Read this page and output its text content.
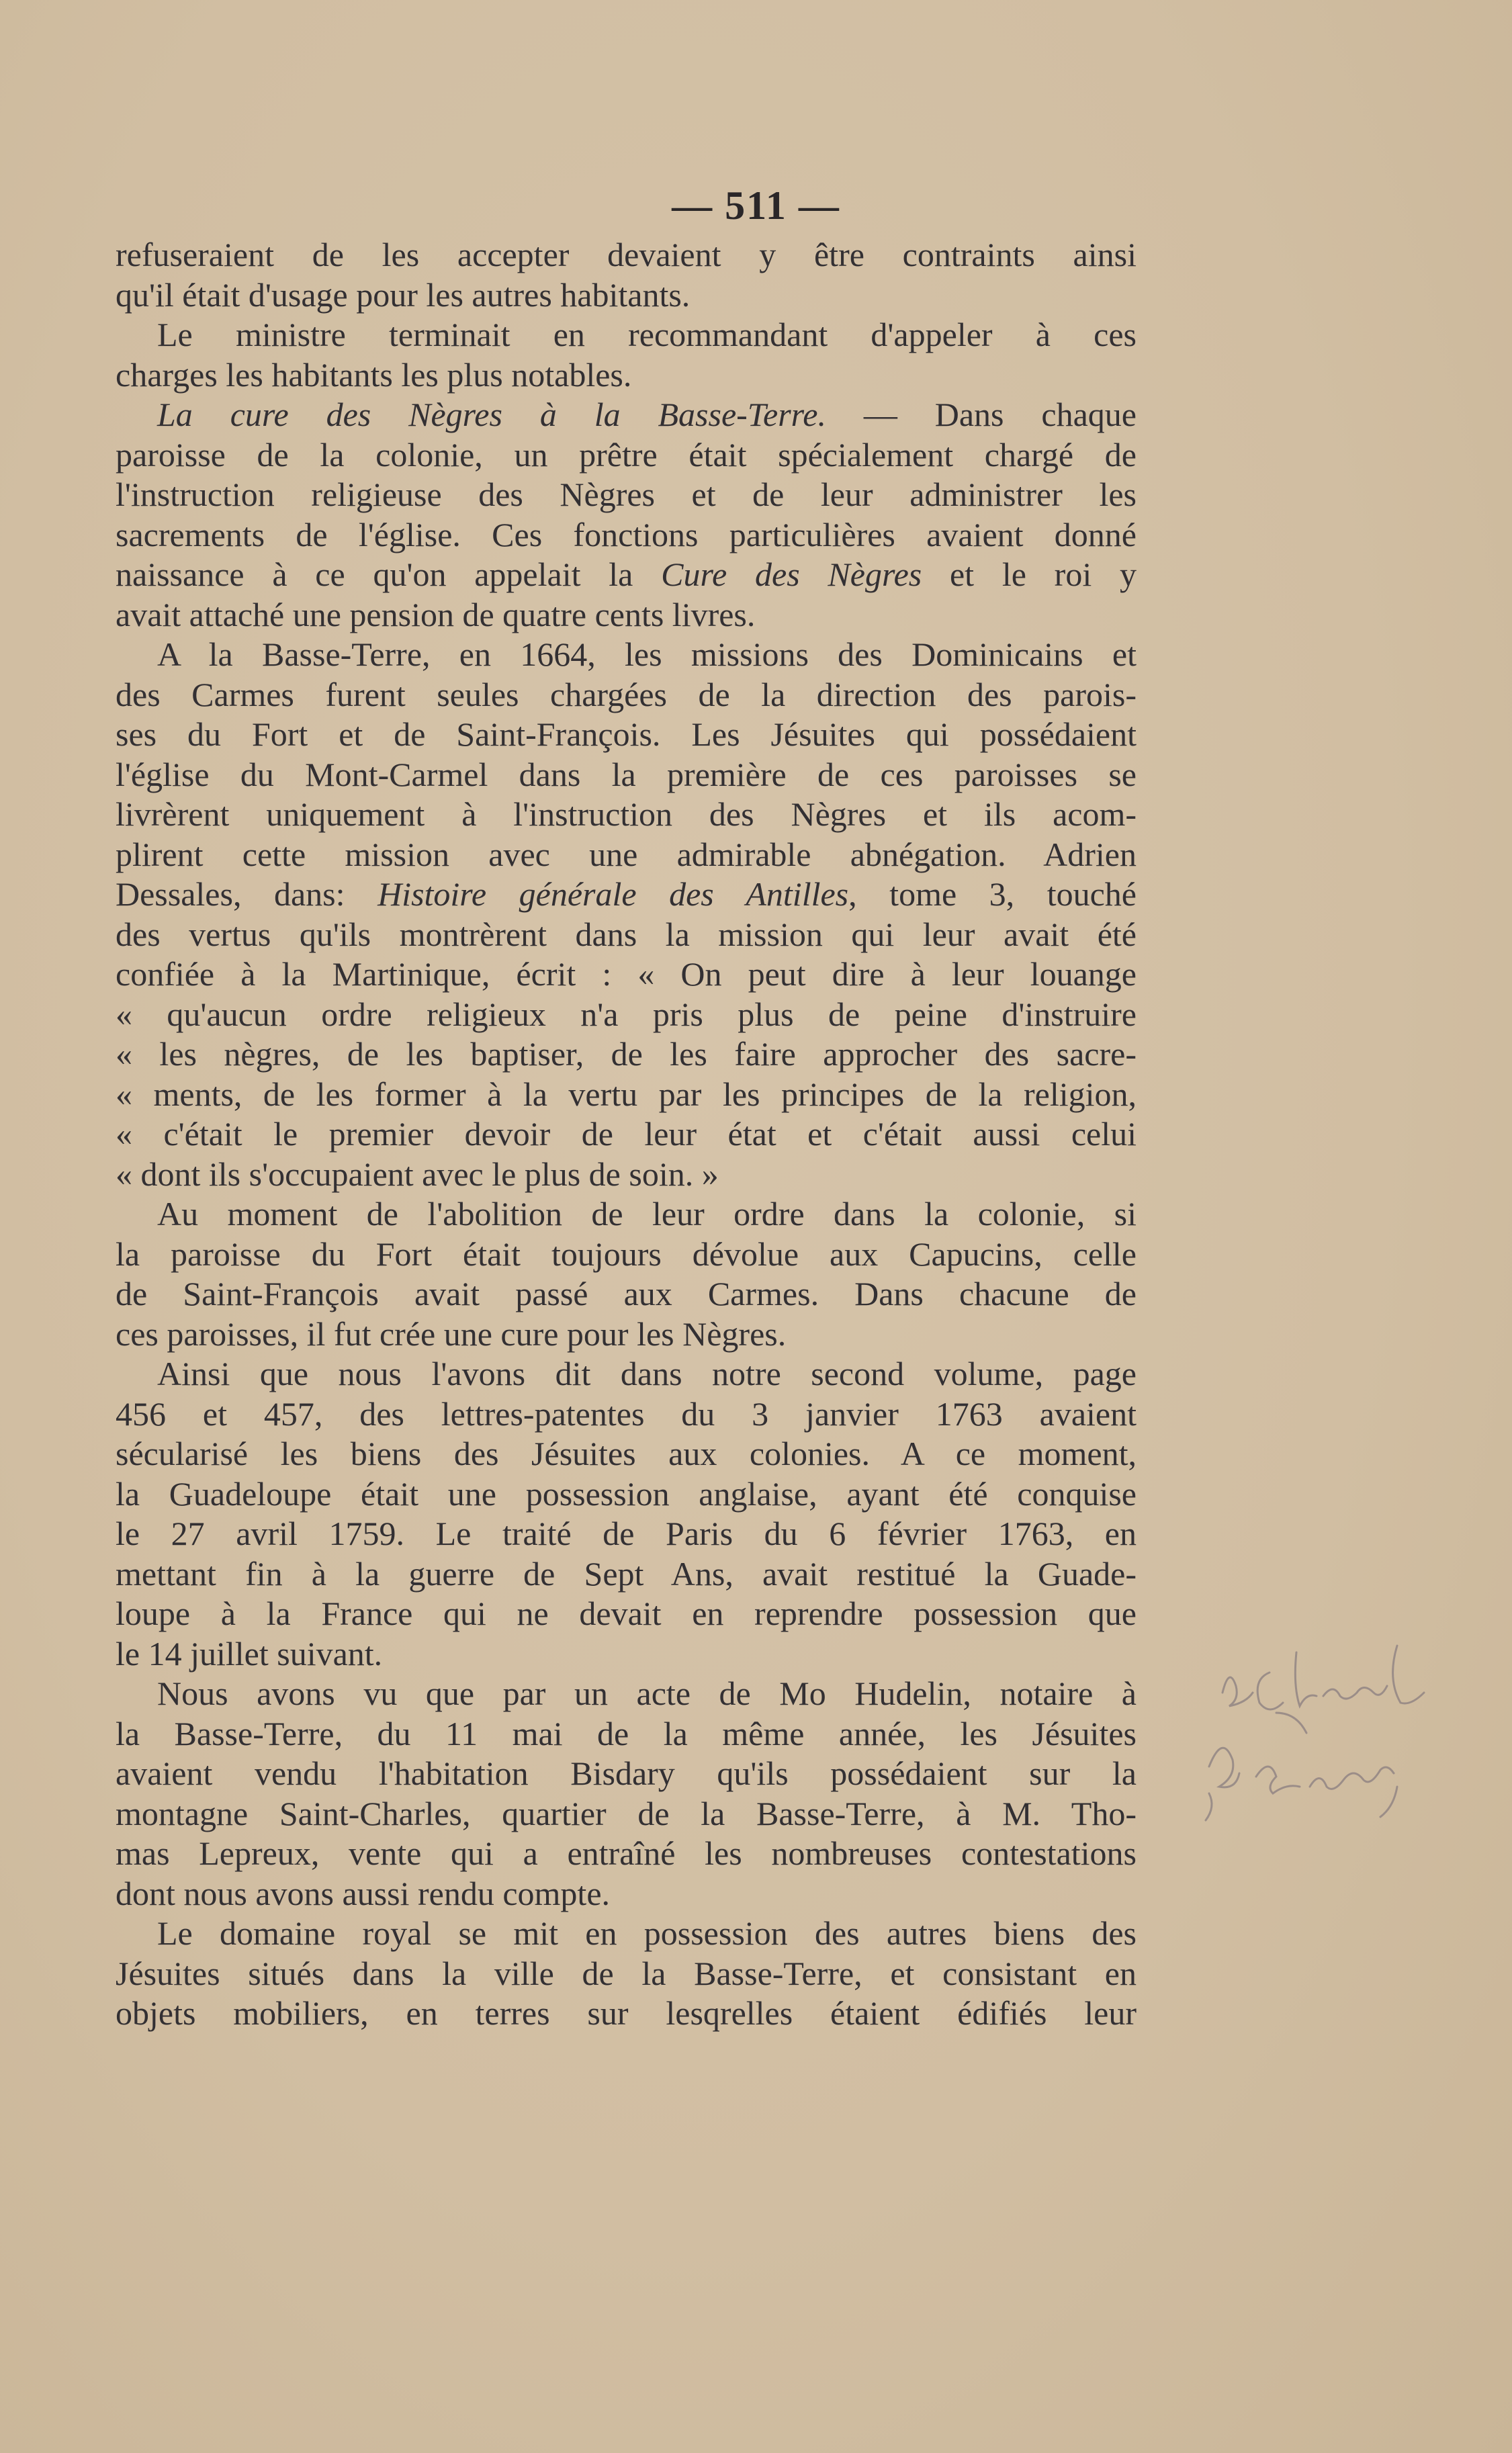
— 511 —
refuseraient de les accepter devaient y être contraints ainsi
qu'il était d'usage pour les autres habitants.
Le ministre terminait en recommandant d'appeler à ces
charges les habitants les plus notables.
La cure des Nègres à la Basse-Terre. — Dans chaque
paroisse de la colonie, un prêtre était spécialement chargé de
l'instruction religieuse des Nègres et de leur administrer les
sacrements de l'église. Ces fonctions particulières avaient donné
naissance à ce qu'on appelait la Cure des Nègres et le roi y
avait attaché une pension de quatre cents livres.
A la Basse-Terre, en 1664, les missions des Dominicains et
des Carmes furent seules chargées de la direction des parois-
ses du Fort et de Saint-François. Les Jésuites qui possédaient
l'église du Mont-Carmel dans la première de ces paroisses se
livrèrent uniquement à l'instruction des Nègres et ils acom-
plirent cette mission avec une admirable abnégation. Adrien
Dessales, dans: Histoire générale des Antilles, tome 3, touché
des vertus qu'ils montrèrent dans la mission qui leur avait été
confiée à la Martinique, écrit : « On peut dire à leur louange
« qu'aucun ordre religieux n'a pris plus de peine d'instruire
« les nègres, de les baptiser, de les faire approcher des sacre-
« ments, de les former à la vertu par les principes de la religion,
« c'était le premier devoir de leur état et c'était aussi celui
« dont ils s'occupaient avec le plus de soin. »
Au moment de l'abolition de leur ordre dans la colonie, si
la paroisse du Fort était toujours dévolue aux Capucins, celle
de Saint-François avait passé aux Carmes. Dans chacune de
ces paroisses, il fut crée une cure pour les Nègres.
Ainsi que nous l'avons dit dans notre second volume, page
456 et 457, des lettres-patentes du 3 janvier 1763 avaient
sécularisé les biens des Jésuites aux colonies. A ce moment,
la Guadeloupe était une possession anglaise, ayant été conquise
le 27 avril 1759. Le traité de Paris du 6 février 1763, en
mettant fin à la guerre de Sept Ans, avait restitué la Guade-
loupe à la France qui ne devait en reprendre possession que
le 14 juillet suivant.
Nous avons vu que par un acte de Mo Hudelin, notaire à
la Basse-Terre, du 11 mai de la même année, les Jésuites
avaient vendu l'habitation Bisdary qu'ils possédaient sur la
montagne Saint-Charles, quartier de la Basse-Terre, à M. Tho-
mas Lepreux, vente qui a entraîné les nombreuses contestations
dont nous avons aussi rendu compte.
Le domaine royal se mit en possession des autres biens des
Jésuites situés dans la ville de la Basse-Terre, et consistant en
objets mobiliers, en terres sur lesqrelles étaient édifiés leur
